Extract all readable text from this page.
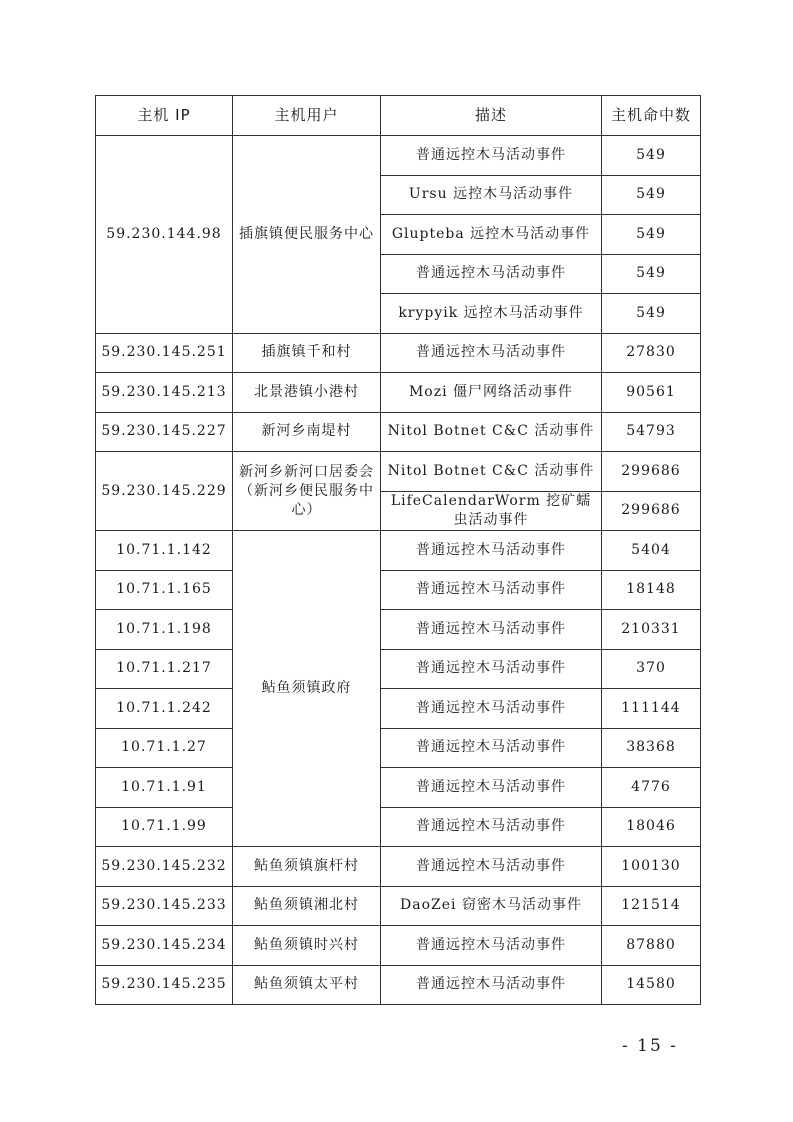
主机 IP	主机用户	描述	主机命中数
59.230.144.98	插旗镇便民服务中心	普通远控木马活动事件	549
		Ursu 远控木马活动事件	549
		Glupteba 远控木马活动事件	549
		普通远控木马活动事件	549
		krypyik 远控木马活动事件	549
59.230.145.251	插旗镇千和村	普通远控木马活动事件	27830
59.230.145.213	北景港镇小港村	Mozi 僵尸网络活动事件	90561
59.230.145.227	新河乡南堤村	Nitol Botnet C&C 活动事件	54793
59.230.145.229	新河乡新河口居委会（新河乡便民服务中心）	Nitol Botnet C&C 活动事件	299686
		LifeCalendarWorm 挖矿蠕虫活动事件	299686
10.71.1.142	鲇鱼须镇政府	普通远控木马活动事件	5404
10.71.1.165		普通远控木马活动事件	18148
10.71.1.198		普通远控木马活动事件	210331
10.71.1.217		普通远控木马活动事件	370
10.71.1.242		普通远控木马活动事件	111144
10.71.1.27		普通远控木马活动事件	38368
10.71.1.91		普通远控木马活动事件	4776
10.71.1.99		普通远控木马活动事件	18046
59.230.145.232	鲇鱼须镇旗杆村	普通远控木马活动事件	100130
59.230.145.233	鲇鱼须镇湘北村	DaoZei 窃密木马活动事件	121514
59.230.145.234	鲇鱼须镇时兴村	普通远控木马活动事件	87880
59.230.145.235	鲇鱼须镇太平村	普通远控木马活动事件	14580
- 15 -
